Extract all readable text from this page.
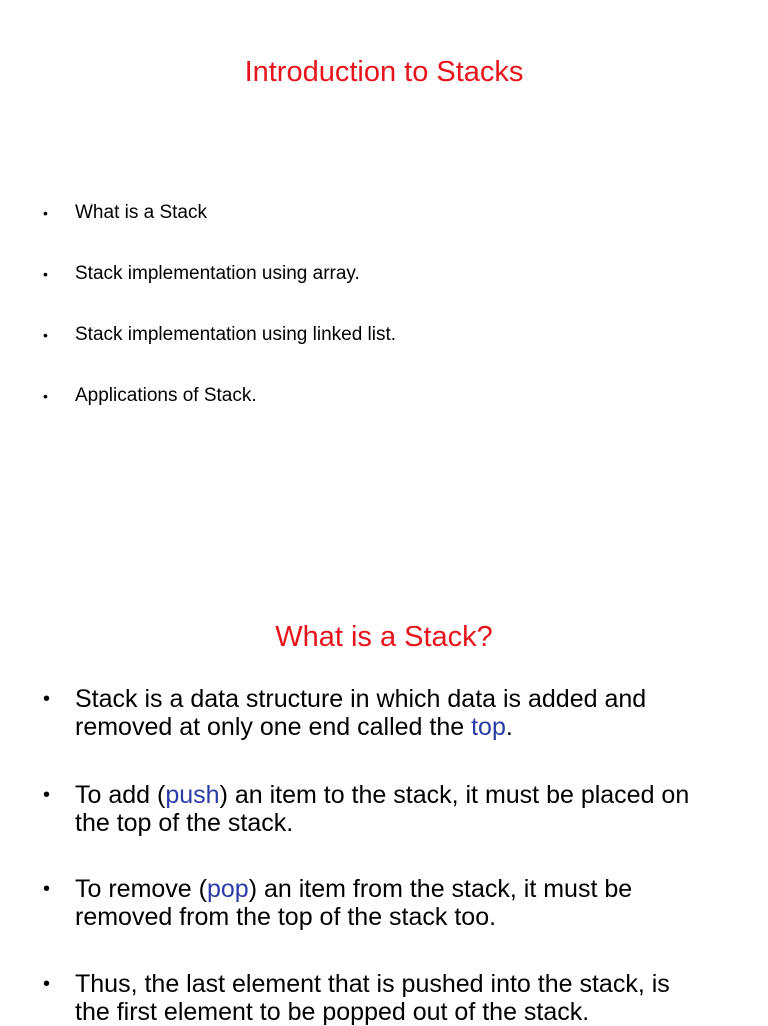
Introduction to Stacks
• What is a Stack
• Stack implementation using array.
• Stack implementation using linked list.
• Applications of Stack.
What is a Stack?
• Stack is a data structure in which data is added and
removed at only one end called the top.
• To add (push) an item to the stack, it must be placed on
the top of the stack.
• To remove (pop) an item from the stack, it must be
removed from the top of the stack too.
• Thus, the last element that is pushed into the stack, is
the first element to be popped out of the stack.
